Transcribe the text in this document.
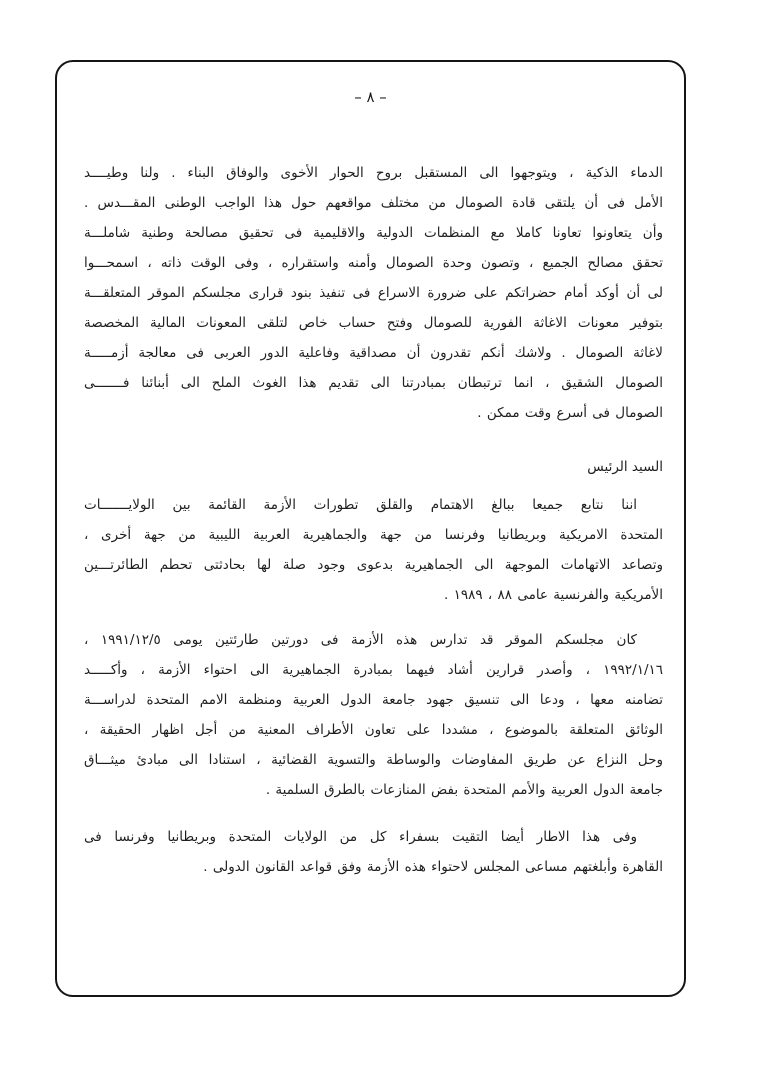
– ٨ –
الدماء الذكية ، ويتوجهوا الى المستقبل بروح الحوار الأخوى والوفاق البناء . ولنا وطيــــد
الأمل فى أن يلتقى قادة الصومال من مختلف مواقعهم حول هذا الواجب الوطنى المقـــدس .
وأن يتعاونوا تعاونا كاملا مع المنظمات الدولية والاقليمية فى تحقيق مصالحة وطنية شاملـــة
تحقق مصالح الجميع ، وتصون وحدة الصومال وأمنه واستقراره ، وفى الوقت ذاته ، اسمحـــوا
لى أن أوكد أمام حضراتكم على ضرورة الاسراع فى تنفيذ بنود قرارى مجلسكم الموقر المتعلقـــة
بتوفير معونات الاغاثة الفورية للصومال وفتح حساب خاص لتلقى المعونات المالية المخصصة
لاغاثة الصومال . ولاشك أنكم تقدرون أن مصداقية وفاعلية الدور العربى فى معالجة أزمـــــة
الصومال الشقيق ، انما ترتبطان بمبادرتنا الى تقديم هذا الغوث الملح الى أبنائنا فـــــــى
الصومال فى أسرع وقت ممكن .
السيد الرئيس
اننا نتابع جميعا ببالغ الاهتمام والقلق تطورات الأزمة القائمة بين الولايـــــــات
المتحدة الامريكية وبريطانيا وفرنسا من جهة والجماهيرية العربية الليبية من جهة أخرى ،
وتصاعد الاتهامات الموجهة الى الجماهيرية بدعوى وجود صلة لها بحادثتى تحطم الطائرتـــين
الأمريكية والفرنسية عامى ٨٨ ، ١٩٨٩ .
كان مجلسكم الموقر قد تدارس هذه الأزمة فى دورتين طارئتين يومى ١٩٩١/١٢/٥ ،
١٩٩٢/١/١٦ ، وأصدر قرارين أشاد فيهما بمبادرة الجماهيرية الى احتواء الأزمة ، وأكـــــد
تضامنه معها ، ودعا الى تنسيق جهود جامعة الدول العربية ومنظمة الامم المتحدة لدراســـة
الوثائق المتعلقة بالموضوع ، مشددا على تعاون الأطراف المعنية من أجل اظهار الحقيقة ،
وحل النزاع عن طريق المفاوضات والوساطة والتسوية القضائية ، استنادا الى مبادئ ميثـــاق
جامعة الدول العربية والأمم المتحدة بفض المنازعات بالطرق السلمية .
وفى هذا الاطار أيضا التقيت بسفراء كل من الولايات المتحدة وبريطانيا وفرنسا فى
القاهرة وأبلغتهم مساعى المجلس لاحتواء هذه الأزمة وفق قواعد القانون الدولى .
